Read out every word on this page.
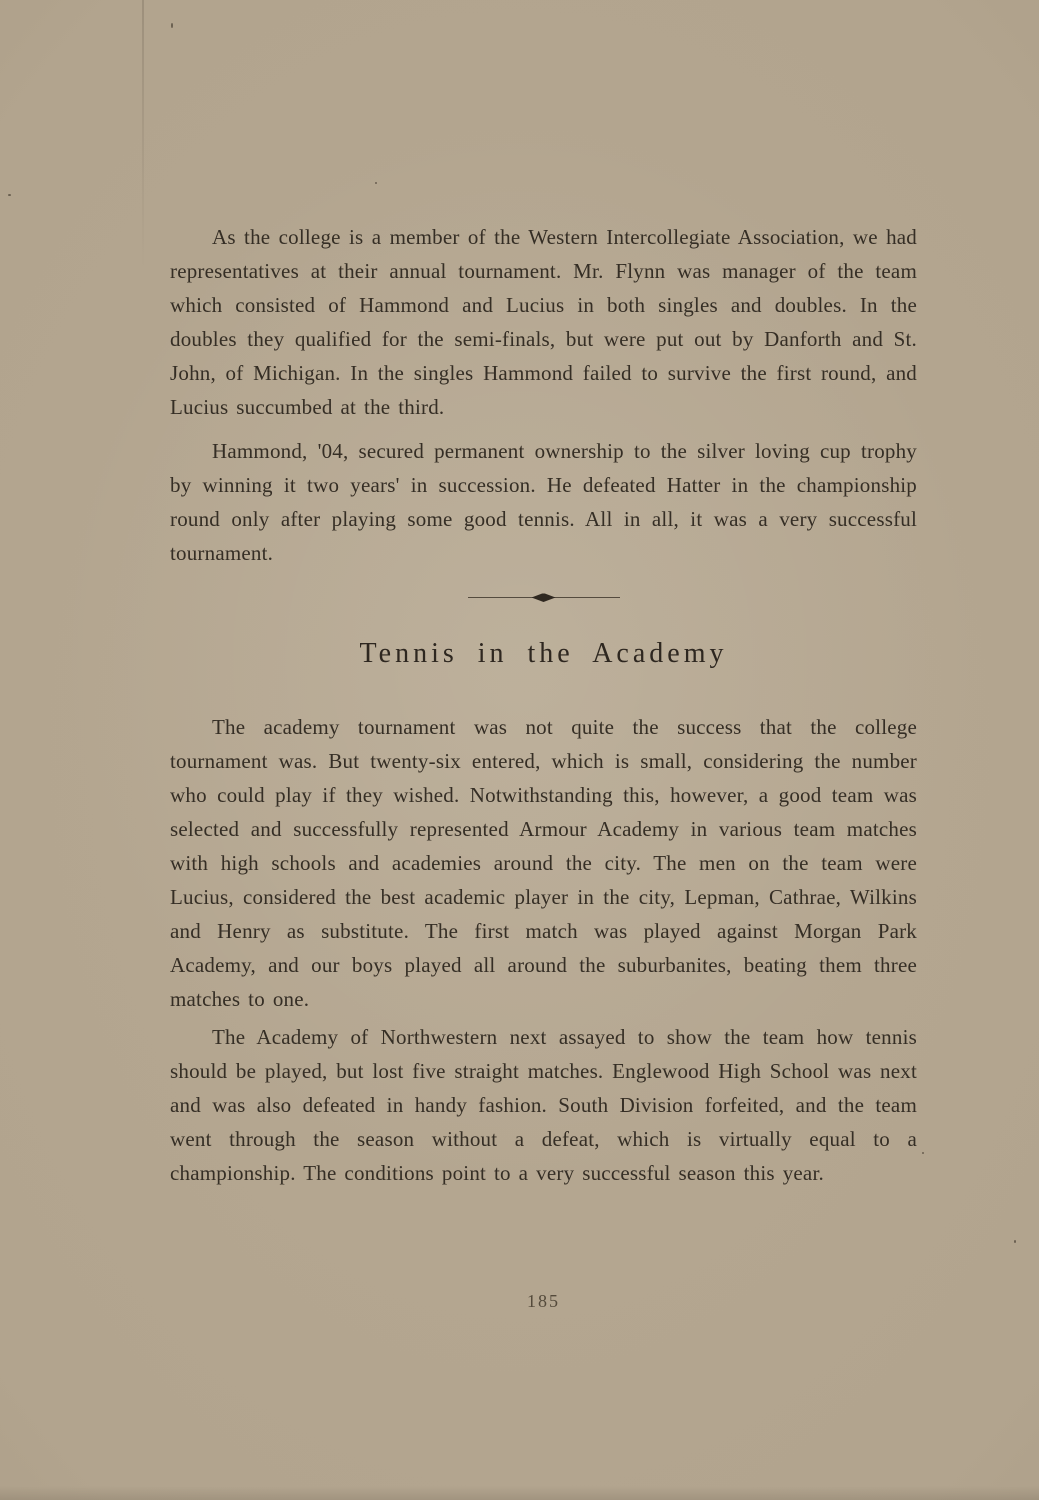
As the college is a member of the Western Intercollegiate Association, we had representatives at their annual tournament. Mr. Flynn was manager of the team which consisted of Hammond and Lucius in both singles and doubles. In the doubles they qualified for the semi-finals, but were put out by Danforth and St. John, of Michigan. In the singles Hammond failed to survive the first round, and Lucius succumbed at the third.

Hammond, '04, secured permanent ownership to the silver loving cup trophy by winning it two years' in succession. He defeated Hatter in the championship round only after playing some good tennis. All in all, it was a very successful tournament.

Tennis in the Academy

The academy tournament was not quite the success that the college tournament was. But twenty-six entered, which is small, considering the number who could play if they wished. Notwithstanding this, however, a good team was selected and successfully represented Armour Academy in various team matches with high schools and academies around the city. The men on the team were Lucius, considered the best academic player in the city, Lepman, Cathrae, Wilkins and Henry as substitute. The first match was played against Morgan Park Academy, and our boys played all around the suburbanites, beating them three matches to one.

The Academy of Northwestern next assayed to show the team how tennis should be played, but lost five straight matches. Englewood High School was next and was also defeated in handy fashion. South Division forfeited, and the team went through the season without a defeat, which is virtually equal to a championship. The conditions point to a very successful season this year.

185
